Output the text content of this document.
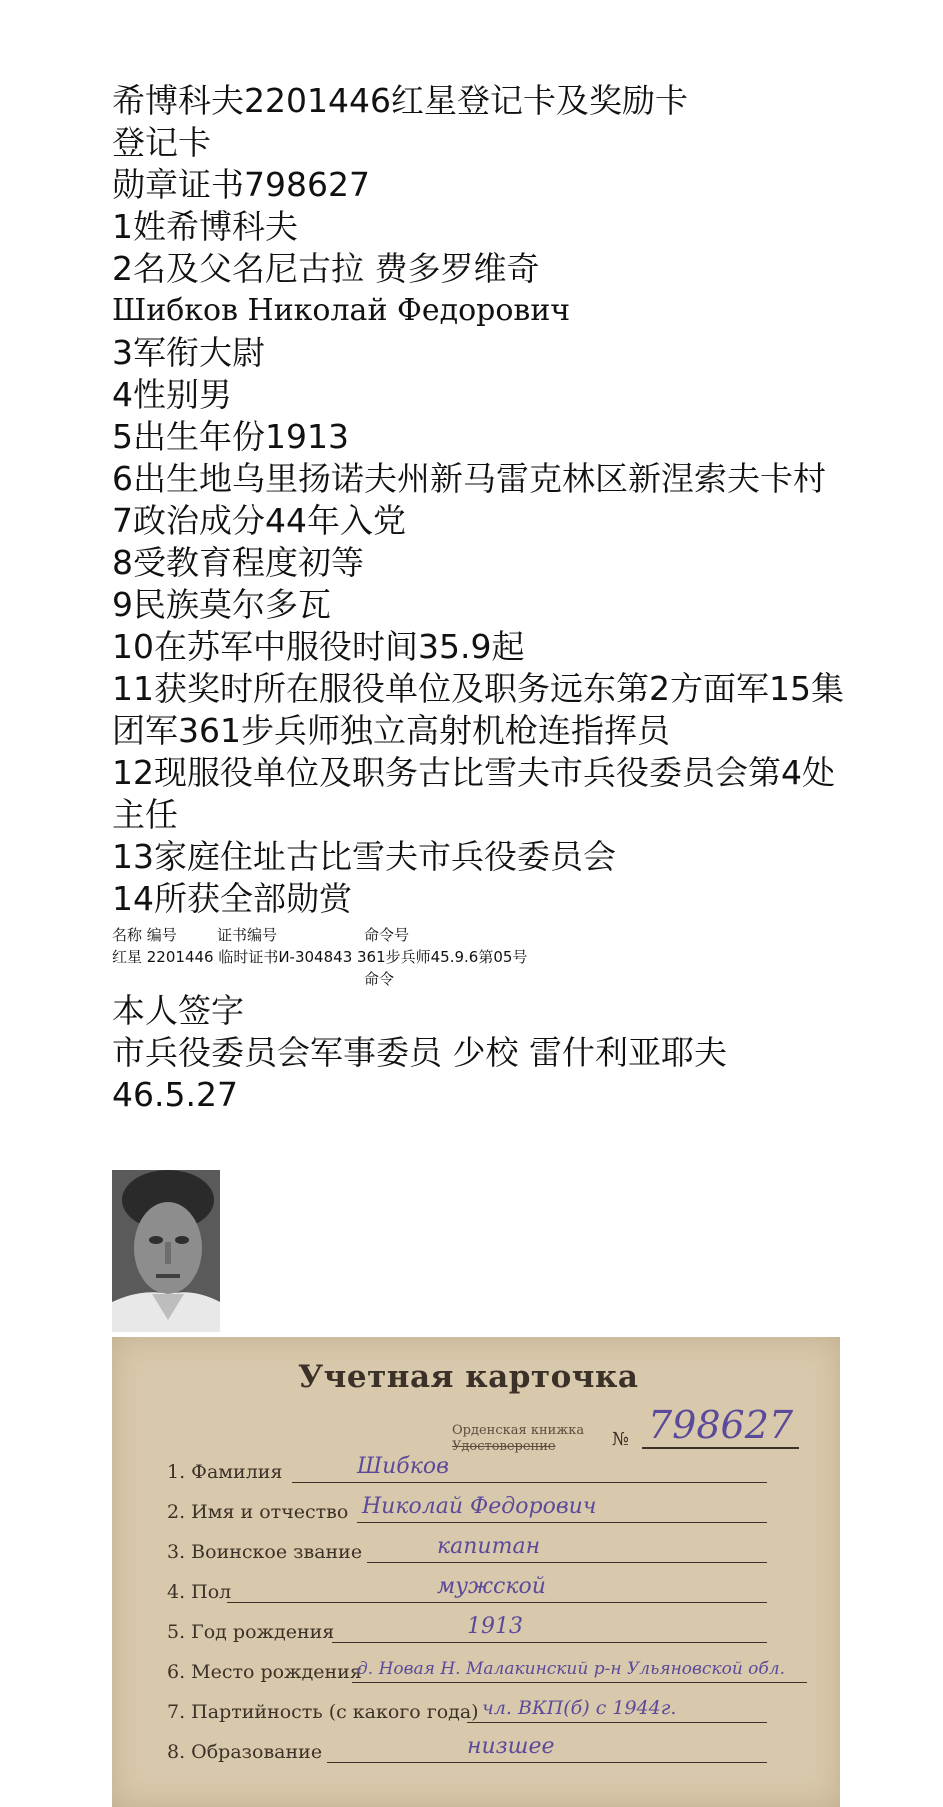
希博科夫2201446红星登记卡及奖励卡

登记卡

勋章证书798627

1姓希博科夫

2名及父名尼古拉 费多罗维奇

Шибков Николай Федорович

3军衔大尉

4性别男

5出生年份1913

6出生地乌里扬诺夫州新马雷克林区新涅索夫卡村

7政治成分44年入党

8受教育程度初等

9民族莫尔多瓦

10在苏军中服役时间35.9起

11获奖时所在服役单位及职务远东第2方面军15集团军361步兵师独立高射机枪连指挥员

12现服役单位及职务古比雪夫市兵役委员会第4处主任

13家庭住址古比雪夫市兵役委员会

14所获全部勋赏

名称 编号	证书编号	命令号
红星 2201446 临时证书И-304843 361步兵师45.9.6第05号
命令

本人签字

市兵役委员会军事委员 少校 雷什利亚耶夫

46.5.27

Учетная карточка
Орденская книжка
Удостоверение	№ 798627
1. Фамилия	Шибков
2. Имя и отчество Николай Федорович
3. Воинское звание	капитан
4. Пол	мужской
5. Год рождения	1913
6. Место рождения
д. Новая Н. Малакинский р-н Ульяновской обл.
7. Партийность (с какого года) чл. ВКП(б) с 1944г.
8. Образование	низшее
